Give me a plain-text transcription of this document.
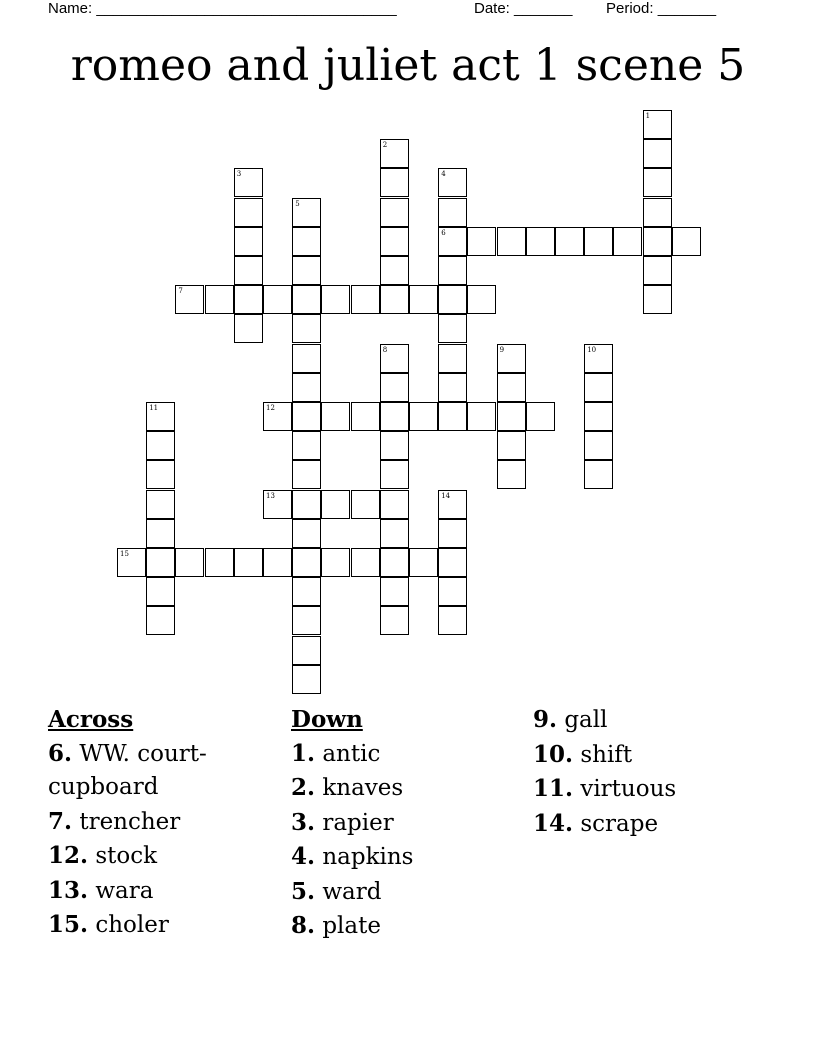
Name: ____________________________________

	Date: _______

Period: _______

romeo and juliet act 1 scene 5
1
2
3	4
6
5
7
8	9	10
11	12
13	14
15
Across
6. WW. court-cupboard
7. trencher
12. stock
13. wara
15. choler
Down
1. antic
2. knaves
3. rapier
4. napkins
5. ward
8. plate
9. gall
10. shift
11. virtuous
14. scrape
